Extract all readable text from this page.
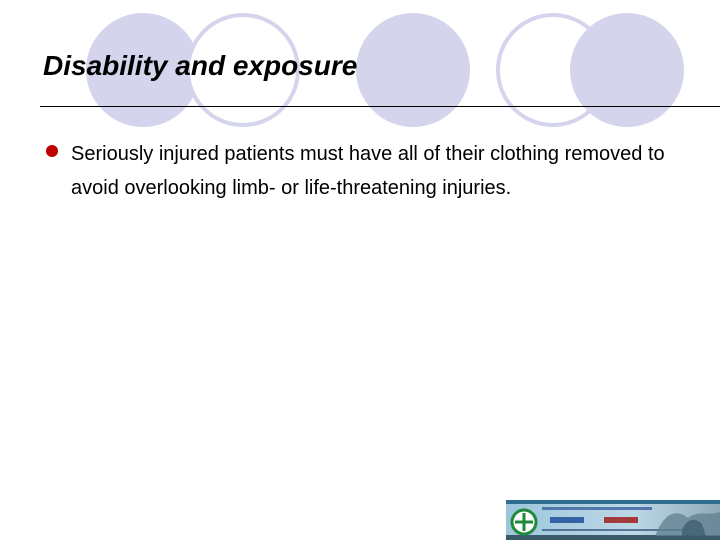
Disability and exposure

Seriously injured patients must have all of their clothing removed to avoid overlooking limb- or life-threatening injuries.
